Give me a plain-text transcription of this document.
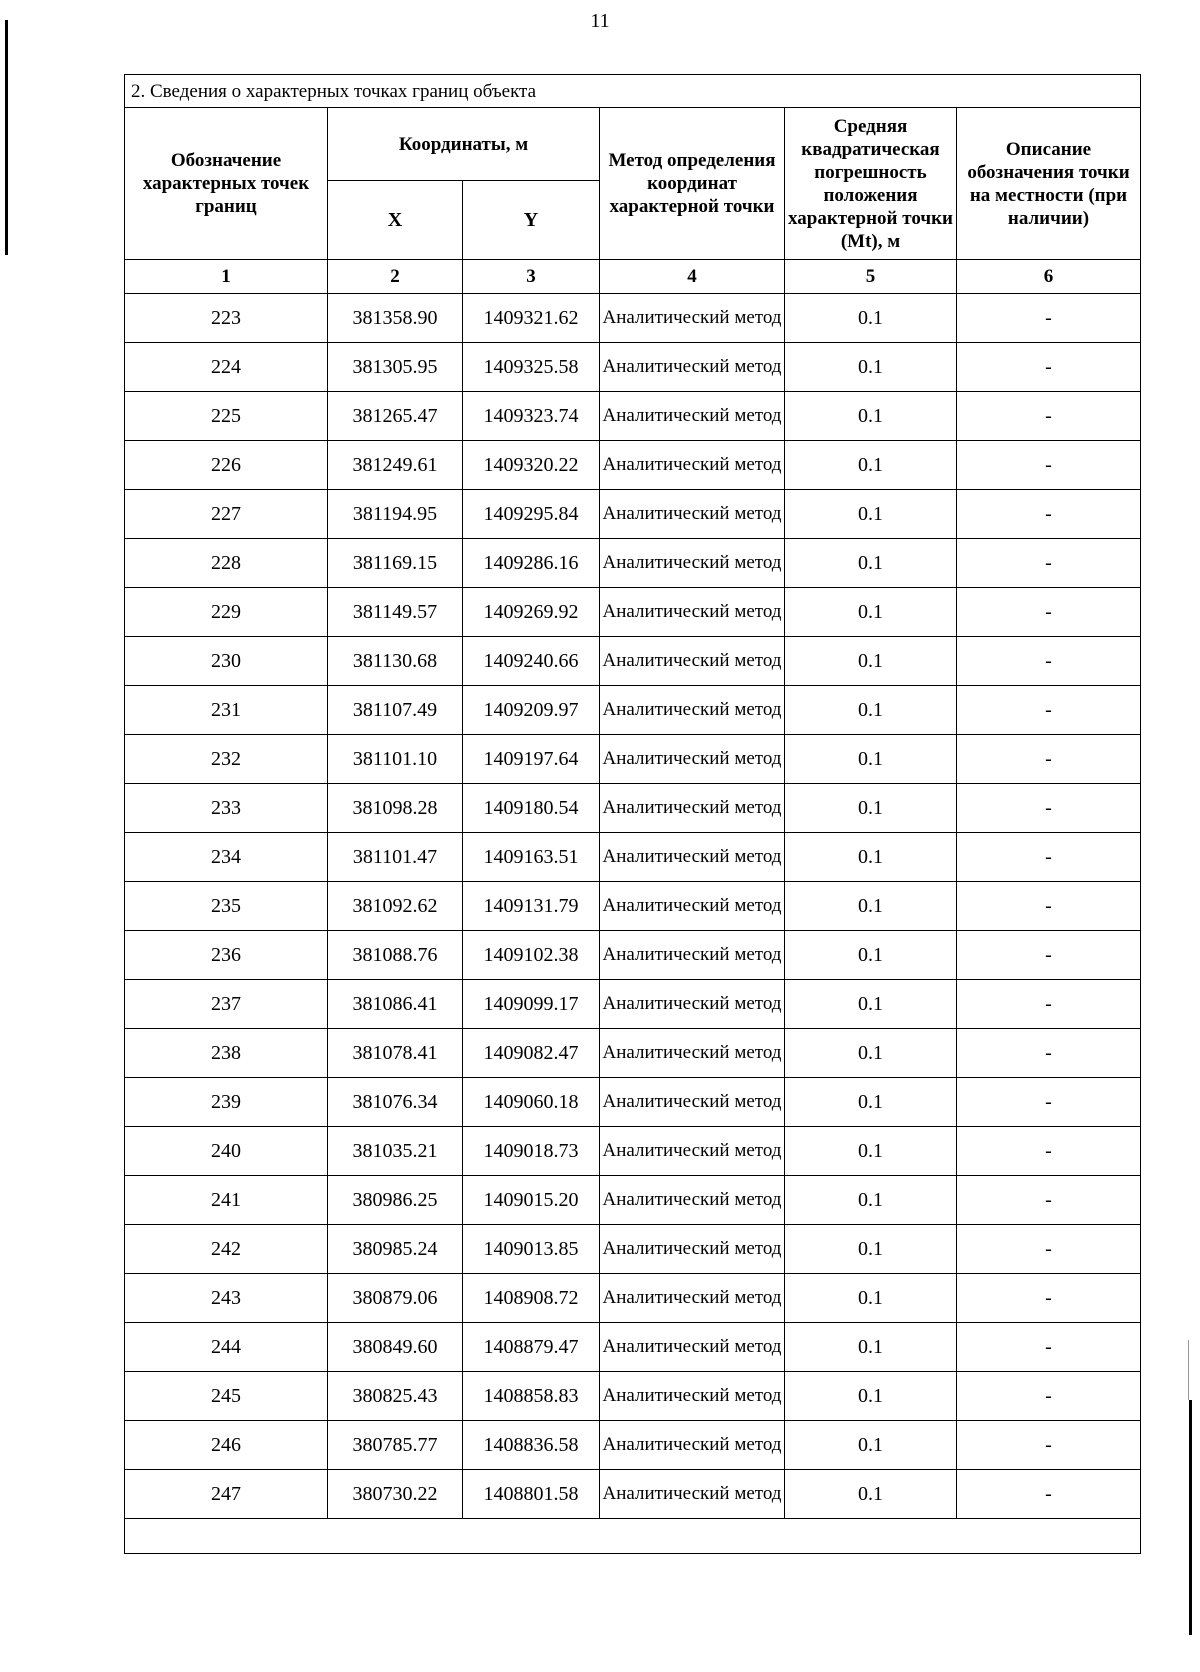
11
2. Сведения о характерных точках границ объекта					
Обозначение характерных точек границ	Координаты, м		Метод определения координат характерной точки	Средняя квадратическая погрешность положения характерной точки (Mt), м	Описание обозначения точки на местности (при наличии)
	X	Y			
1	2	3	4	5	6
223	381358.90	1409321.62	Аналитический метод	0.1	-
224	381305.95	1409325.58	Аналитический метод	0.1	-
225	381265.47	1409323.74	Аналитический метод	0.1	-
226	381249.61	1409320.22	Аналитический метод	0.1	-
227	381194.95	1409295.84	Аналитический метод	0.1	-
228	381169.15	1409286.16	Аналитический метод	0.1	-
229	381149.57	1409269.92	Аналитический метод	0.1	-
230	381130.68	1409240.66	Аналитический метод	0.1	-
231	381107.49	1409209.97	Аналитический метод	0.1	-
232	381101.10	1409197.64	Аналитический метод	0.1	-
233	381098.28	1409180.54	Аналитический метод	0.1	-
234	381101.47	1409163.51	Аналитический метод	0.1	-
235	381092.62	1409131.79	Аналитический метод	0.1	-
236	381088.76	1409102.38	Аналитический метод	0.1	-
237	381086.41	1409099.17	Аналитический метод	0.1	-
238	381078.41	1409082.47	Аналитический метод	0.1	-
239	381076.34	1409060.18	Аналитический метод	0.1	-
240	381035.21	1409018.73	Аналитический метод	0.1	-
241	380986.25	1409015.20	Аналитический метод	0.1	-
242	380985.24	1409013.85	Аналитический метод	0.1	-
243	380879.06	1408908.72	Аналитический метод	0.1	-
244	380849.60	1408879.47	Аналитический метод	0.1	-
245	380825.43	1408858.83	Аналитический метод	0.1	-
246	380785.77	1408836.58	Аналитический метод	0.1	-
247	380730.22	1408801.58	Аналитический метод	0.1	-
